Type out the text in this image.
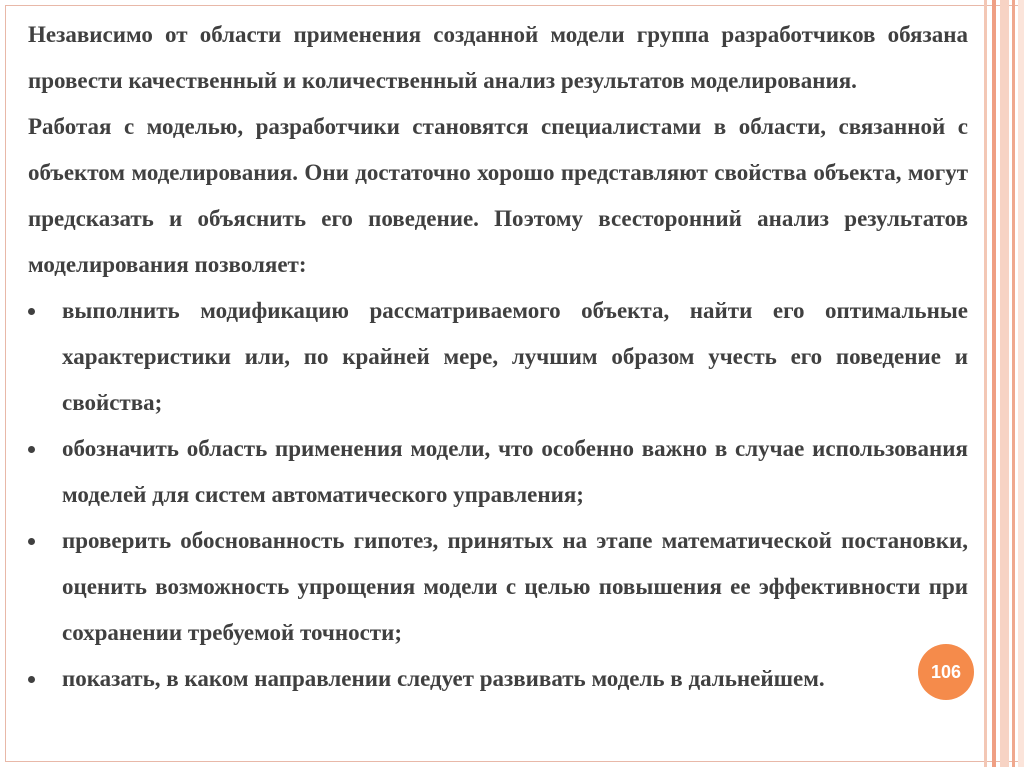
Независимо от области применения созданной модели группа разработчиков обязана провести качественный и количественный анализ результатов моделирования.

Работая с моделью, разработчики становятся специалистами в области, связанной с объектом моделирования. Они достаточно хорошо представляют свойства объекта, могут предсказать и объяснить его поведение. Поэтому всесторонний анализ результатов моделирования позволяет:

выполнить модификацию рассматриваемого объекта, найти его оптимальные характеристики или, по крайней мере, лучшим образом учесть его поведение и свойства;
обозначить область применения модели, что особенно важно в случае использования моделей для систем автоматического управления;
проверить обоснованность гипотез, принятых на этапе математической постановки, оценить возможность упрощения модели с целью повышения ее эффективности при сохранении требуемой точности;
показать, в каком направлении следует развивать модель в дальнейшем.	106
